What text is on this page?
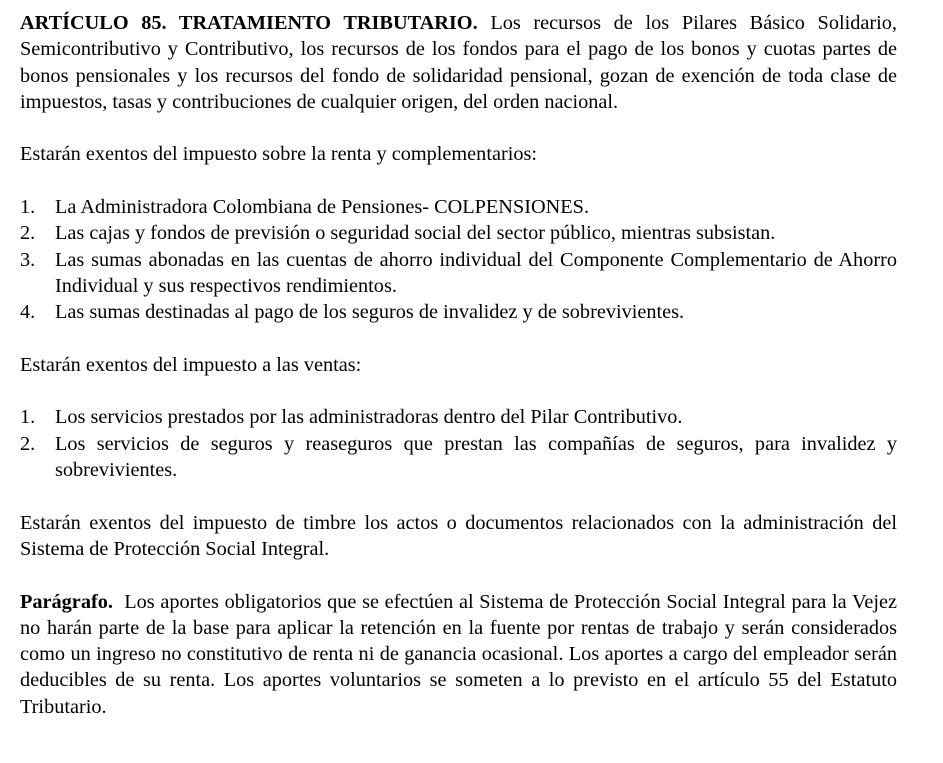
ARTÍCULO 85. TRATAMIENTO TRIBUTARIO. Los recursos de los Pilares Básico Solidario, Semicontributivo y Contributivo, los recursos de los fondos para el pago de los bonos y cuotas partes de bonos pensionales y los recursos del fondo de solidaridad pensional, gozan de exención de toda clase de impuestos, tasas y contribuciones de cualquier origen, del orden nacional.

Estarán exentos del impuesto sobre la renta y complementarios:

1. La Administradora Colombiana de Pensiones- COLPENSIONES.
2. Las cajas y fondos de previsión o seguridad social del sector público, mientras subsistan.
3. Las sumas abonadas en las cuentas de ahorro individual del Componente Complementario de Ahorro Individual y sus respectivos rendimientos.
4. Las sumas destinadas al pago de los seguros de invalidez y de sobrevivientes.

Estarán exentos del impuesto a las ventas:

1. Los servicios prestados por las administradoras dentro del Pilar Contributivo.
2. Los servicios de seguros y reaseguros que prestan las compañías de seguros, para invalidez y sobrevivientes.

Estarán exentos del impuesto de timbre los actos o documentos relacionados con la administración del Sistema de Protección Social Integral.

Parágrafo.  Los aportes obligatorios que se efectúen al Sistema de Protección Social Integral para la Vejez no harán parte de la base para aplicar la retención en la fuente por rentas de trabajo y serán considerados como un ingreso no constitutivo de renta ni de ganancia ocasional. Los aportes a cargo del empleador serán deducibles de su renta. Los aportes voluntarios se someten a lo previsto en el artículo 55 del Estatuto Tributario.
